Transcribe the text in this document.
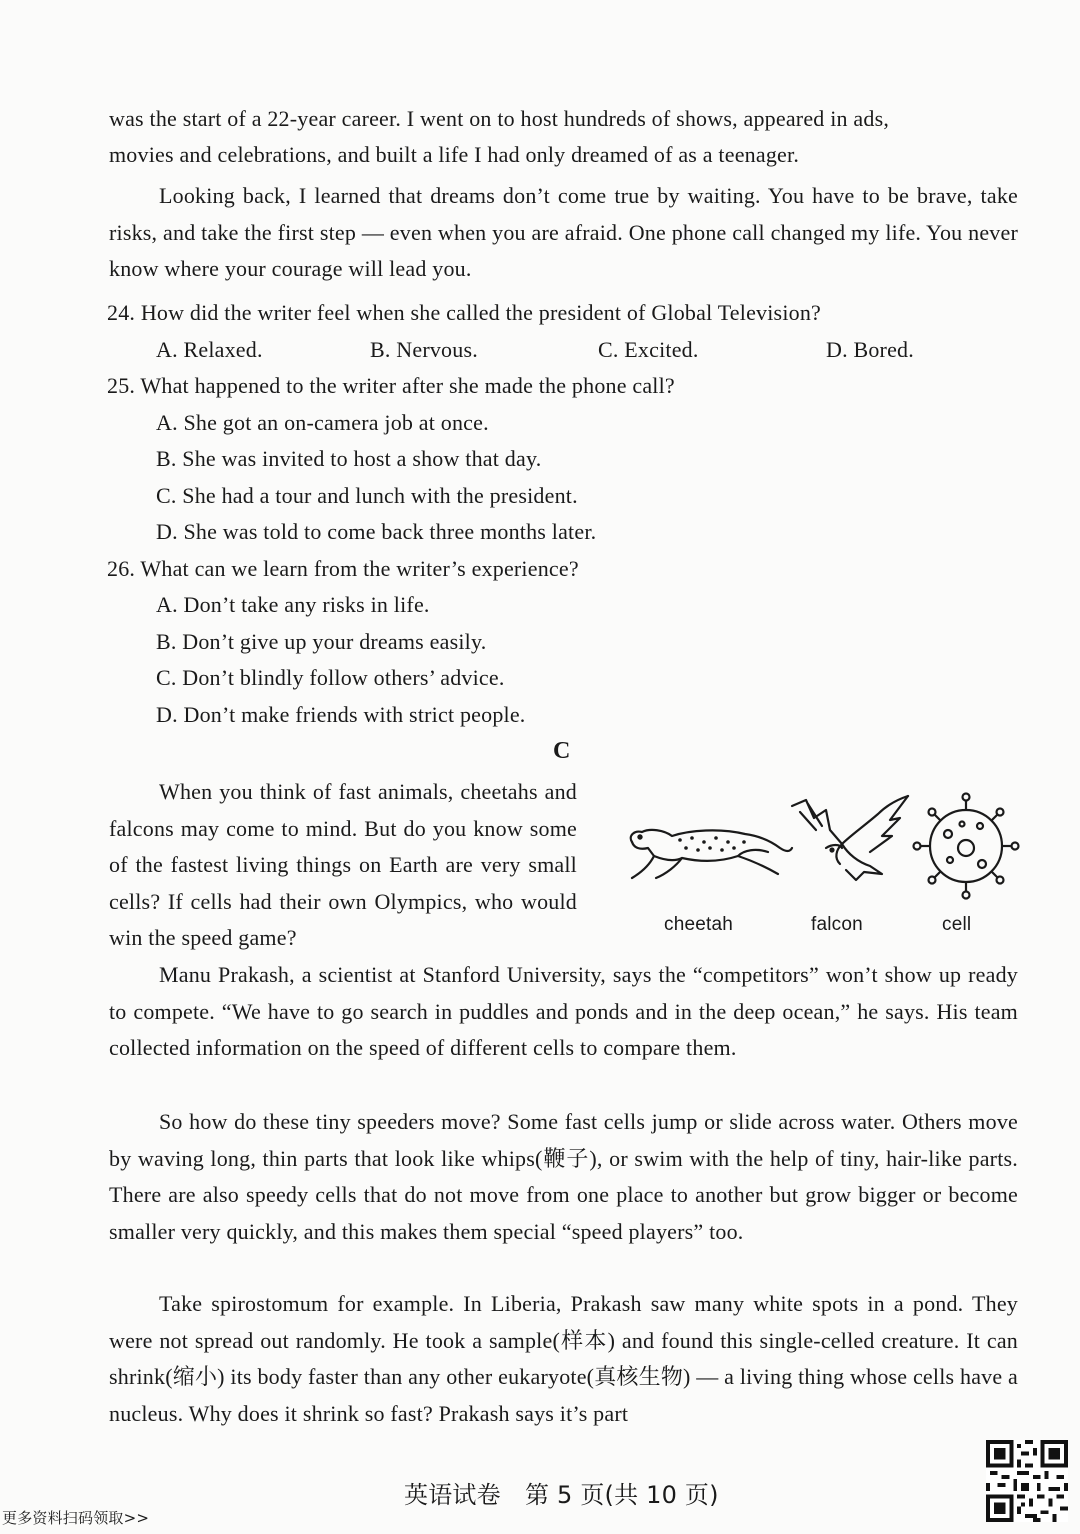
was the start of a 22-year career. I went on to host hundreds of shows, appeared in ads,
movies and celebrations, and built a life I had only dreamed of as a teenager.

Looking back, I learned that dreams don’t come true by waiting. You have to be brave, take risks, and take the first step — even when you are afraid. One phone call changed my life. You never know where your courage will lead you.

24. How did the writer feel when she called the president of Global Television?
A. Relaxed.	B. Nervous.	C. Excited.	D. Bored.
25. What happened to the writer after she made the phone call?
A. She got an on-camera job at once.
B. She was invited to host a show that day.
C. She had a tour and lunch with the president.
D. She was told to come back three months later.
26. What can we learn from the writer’s experience?
A. Don’t take any risks in life.
B. Don’t give up your dreams easily.
C. Don’t blindly follow others’ advice.
D. Don’t make friends with strict people.
C

When you think of fast animals, cheetahs and falcons may come to mind. But do you know some of the fastest living things on Earth are very small cells? If cells had their own Olympics, who would win the speed game?

cheetah	falcon	cell

Manu Prakash, a scientist at Stanford University, says the “competitors” won’t show up ready to compete. “We have to go search in puddles and ponds and in the deep ocean,” he says. His team collected information on the speed of different cells to compare them.

So how do these tiny speeders move? Some fast cells jump or slide across water. Others move by waving long, thin parts that look like whips(鞭子), or swim with the help of tiny, hair-like parts. There are also speedy cells that do not move from one place to another but grow bigger or become smaller very quickly, and this makes them special “speed players” too.

Take spirostomum for example. In Liberia, Prakash saw many white spots in a pond. They were not spread out randomly. He took a sample(样本) and found this single-celled creature. It can shrink(缩小) its body faster than any other eukaryote(真核生物) — a living thing whose cells have a nucleus. Why does it shrink so fast? Prakash says it’s part

英语试卷　第 5 页(共 10 页)
更多资料扫码领取>>
